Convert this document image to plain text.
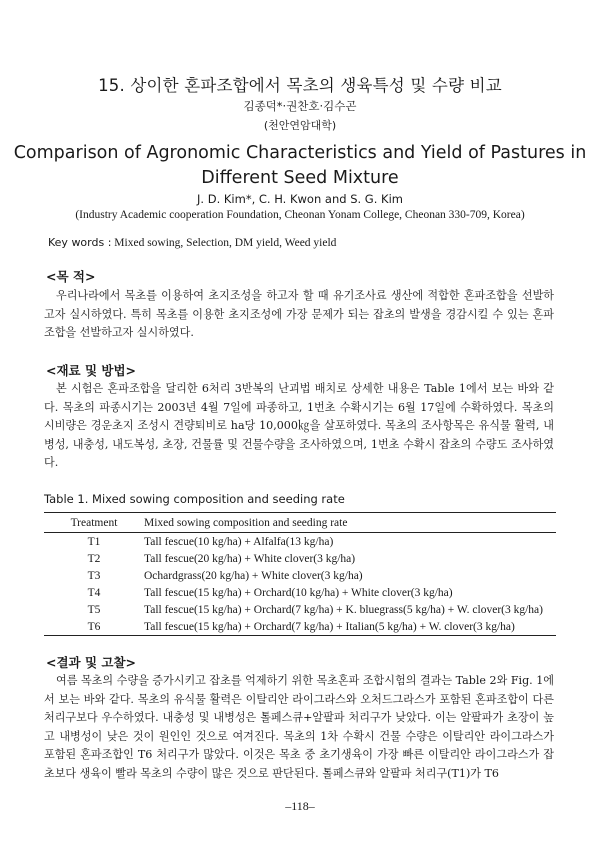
15. 상이한 혼파조합에서 목초의 생육특성 및 수량 비교
김종덕*·권찬호·김수곤
(천안연암대학)
Comparison of Agronomic Characteristics and Yield of Pastures in
Different Seed Mixture
J. D. Kim*, C. H. Kwon and S. G. Kim
(Industry Academic cooperation Foundation, Cheonan Yonam College, Cheonan 330-709, Korea)
Key words : Mixed sowing, Selection, DM yield, Weed yield
<목 적>
우리나라에서 목초를 이용하여 초지조성을 하고자 할 때 유기조사료 생산에 적합한 혼파조합을 선발하고자 실시하였다. 특히 목초를 이용한 초지조성에 가장 문제가 되는 잡초의 발생을 경감시킬 수 있는 혼파조합을 선발하고자 실시하였다.
<재료 및 방법>
본 시험은 혼파조합을 달리한 6처리 3반복의 난괴법 배치로 상세한 내용은 Table 1에서 보는 바와 같다. 목초의 파종시기는 2003년 4월 7일에 파종하고, 1번초 수확시기는 6월 17일에 수확하였다. 목초의 시비량은 경운초지 조성시 견량퇴비로 ha당 10,000㎏을 살포하였다. 목초의 조사항목은 유식물 활력, 내병성, 내충성, 내도복성, 초장, 건물률 및 건물수량을 조사하였으며, 1번초 수확시 잡초의 수량도 조사하였다.
Table 1. Mixed sowing composition and seeding rate
Treatment	Mixed sowing composition and seeding rate
T1	Tall fescue(10 kg/ha) + Alfalfa(13 kg/ha)
T2	Tall fescue(20 kg/ha) + White clover(3 kg/ha)
T3	Ochardgrass(20 kg/ha) + White clover(3 kg/ha)
T4	Tall fescue(15 kg/ha) + Orchard(10 kg/ha) + White clover(3 kg/ha)
T5	Tall fescue(15 kg/ha) + Orchard(7 kg/ha) + K. bluegrass(5 kg/ha) + W. clover(3 kg/ha)
T6	Tall fescue(15 kg/ha) + Orchard(7 kg/ha) + Italian(5 kg/ha) + W. clover(3 kg/ha)
<결과 및 고찰>
여름 목초의 수량을 증가시키고 잡초를 억제하기 위한 목초혼파 조합시험의 결과는 Table 2와 Fig. 1에서 보는 바와 같다. 목초의 유식물 활력은 이탈리안 라이그라스와 오처드그라스가 포함된 혼파조합이 다른 처리구보다 우수하였다. 내충성 및 내병성은 톨페스큐+알팔파 처리구가 낮았다. 이는 알팔파가 초장이 높고 내병성이 낮은 것이 원인인 것으로 여겨진다. 목초의 1차 수확시 건물 수량은 이탈리안 라이그라스가 포함된 혼파조합인 T6 처리구가 많았다. 이것은 목초 중 초기생육이 가장 빠른 이탈리안 라이그라스가 잡초보다 생육이 빨라 목초의 수량이 많은 것으로 판단된다. 톨페스큐와 알팔파 처리구(T1)가 T6
–118–
